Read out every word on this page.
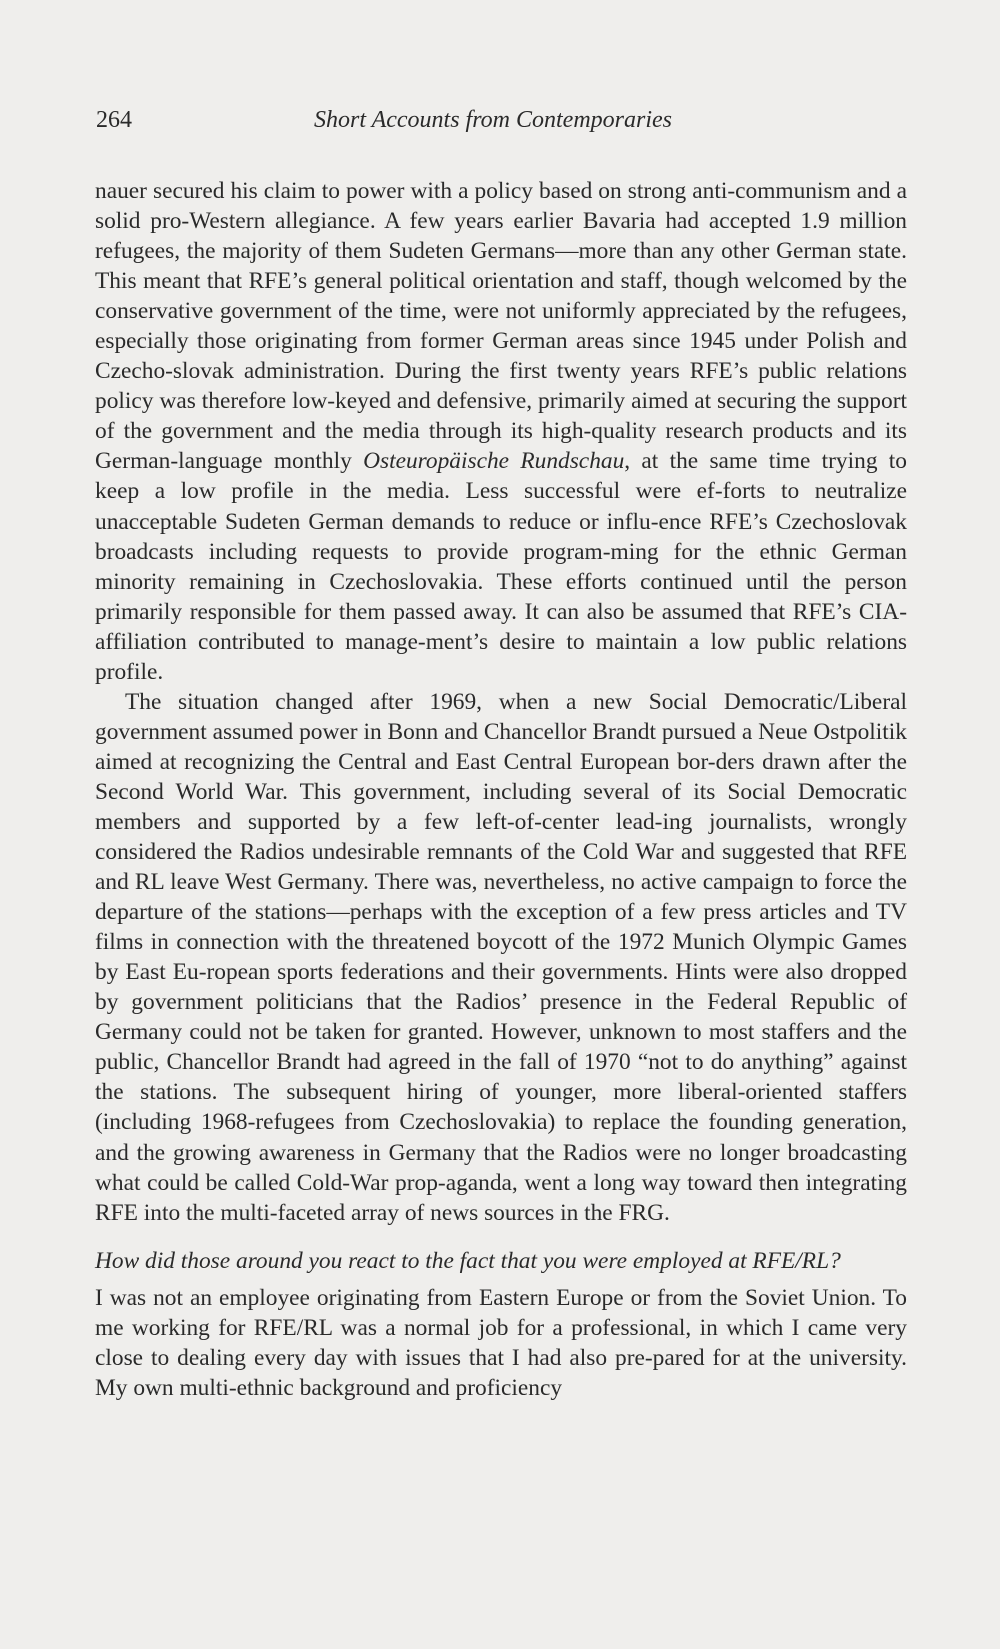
264	Short Accounts from Contemporaries

nauer secured his claim to power with a policy based on strong anti-communism and a solid pro-Western allegiance. A few years earlier Bavaria had accepted 1.9 million refugees, the majority of them Sudeten Germans—more than any other German state. This meant that RFE’s general political orientation and staff, though welcomed by the conservative government of the time, were not uniformly appreciated by the refugees, especially those originating from former German areas since 1945 under Polish and Czecho-slovak administration. During the first twenty years RFE’s public relations policy was therefore low-keyed and defensive, primarily aimed at securing the support of the government and the media through its high-quality research products and its German-language monthly Osteuropäische Rundschau, at the same time trying to keep a low profile in the media. Less successful were ef-forts to neutralize unacceptable Sudeten German demands to reduce or influ-ence RFE’s Czechoslovak broadcasts including requests to provide program-ming for the ethnic German minority remaining in Czechoslovakia. These efforts continued until the person primarily responsible for them passed away. It can also be assumed that RFE’s CIA-affiliation contributed to manage-ment’s desire to maintain a low public relations profile.

The situation changed after 1969, when a new Social Democratic/Liberal government assumed power in Bonn and Chancellor Brandt pursued a Neue Ostpolitik aimed at recognizing the Central and East Central European bor-ders drawn after the Second World War. This government, including several of its Social Democratic members and supported by a few left-of-center lead-ing journalists, wrongly considered the Radios undesirable remnants of the Cold War and suggested that RFE and RL leave West Germany. There was, nevertheless, no active campaign to force the departure of the stations—perhaps with the exception of a few press articles and TV films in connection with the threatened boycott of the 1972 Munich Olympic Games by East Eu-ropean sports federations and their governments. Hints were also dropped by government politicians that the Radios’ presence in the Federal Republic of Germany could not be taken for granted. However, unknown to most staffers and the public, Chancellor Brandt had agreed in the fall of 1970 “not to do anything” against the stations. The subsequent hiring of younger, more liberal-oriented staffers (including 1968-refugees from Czechoslovakia) to replace the founding generation, and the growing awareness in Germany that the Radios were no longer broadcasting what could be called Cold-War prop-aganda, went a long way toward then integrating RFE into the multi-faceted array of news sources in the FRG.

How did those around you react to the fact that you were employed at RFE/RL?

I was not an employee originating from Eastern Europe or from the Soviet Union. To me working for RFE/RL was a normal job for a professional, in which I came very close to dealing every day with issues that I had also pre-pared for at the university. My own multi-ethnic background and proficiency
